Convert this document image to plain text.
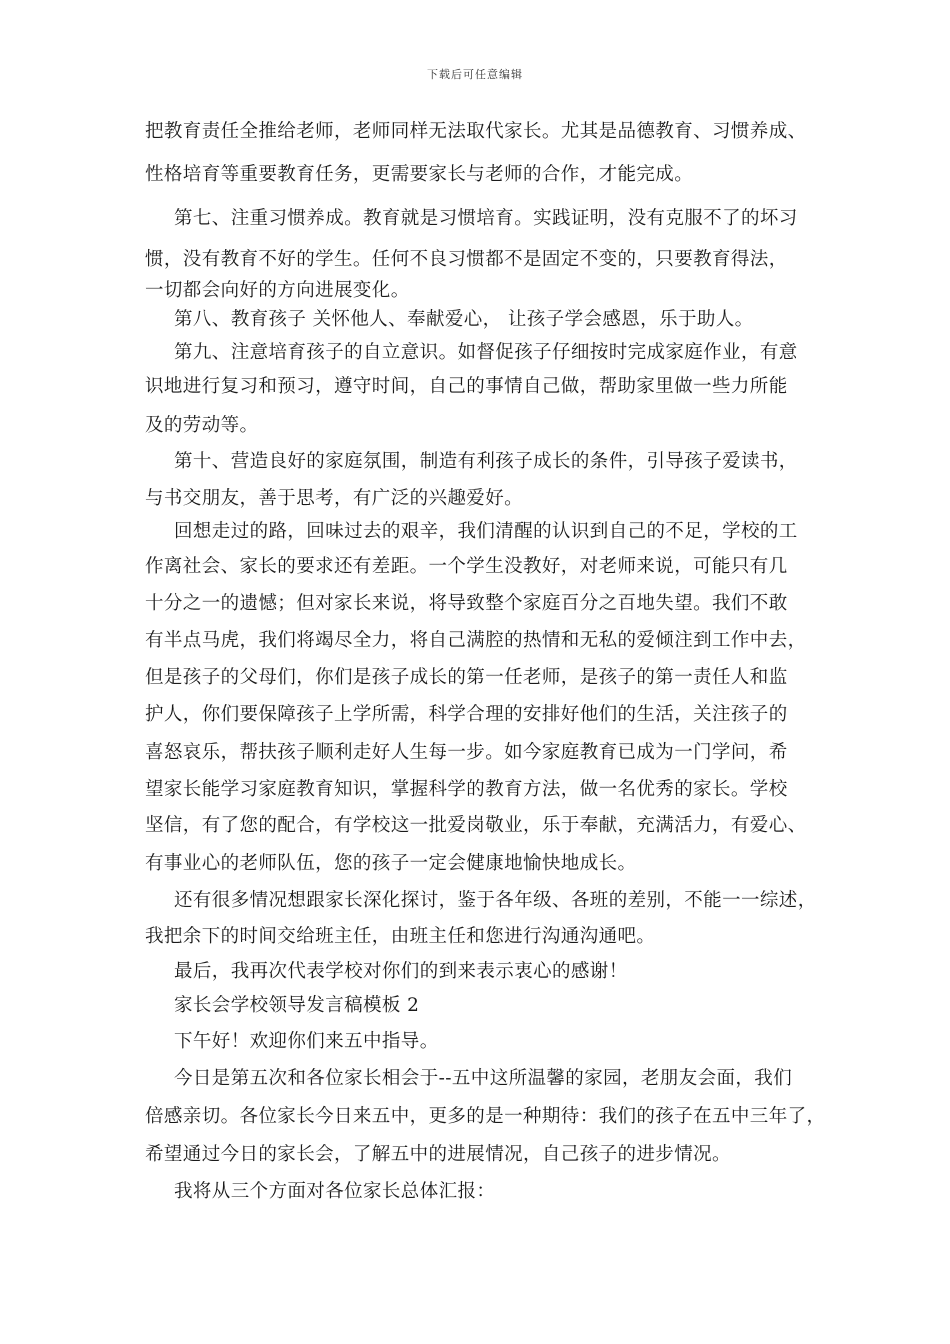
下载后可任意编辑
把教育责任全推给老师，老师同样无法取代家长。尤其是品德教育、习惯养成、
性格培育等重要教育任务，更需要家长与老师的合作，才能完成。
第七、注重习惯养成。教育就是习惯培育。实践证明，没有克服不了的坏习
惯，没有教育不好的学生。任何不良习惯都不是固定不变的，只要教育得法，
一切都会向好的方向进展变化。
第八、教育孩子 关怀他人、奉献爱心， 让孩子学会感恩，乐于助人。
第九、注意培育孩子的自立意识。如督促孩子仔细按时完成家庭作业，有意
识地进行复习和预习，遵守时间，自己的事情自己做，帮助家里做一些力所能
及的劳动等。
第十、营造良好的家庭氛围，制造有利孩子成长的条件，引导孩子爱读书，
与书交朋友，善于思考，有广泛的兴趣爱好。
回想走过的路，回味过去的艰辛，我们清醒的认识到自己的不足，学校的工
作离社会、家长的要求还有差距。一个学生没教好，对老师来说，可能只有几
十分之一的遗憾；但对家长来说，将导致整个家庭百分之百地失望。我们不敢
有半点马虎，我们将竭尽全力，将自己满腔的热情和无私的爱倾注到工作中去，
但是孩子的父母们，你们是孩子成长的第一任老师，是孩子的第一责任人和监
护人，你们要保障孩子上学所需，科学合理的安排好他们的生活，关注孩子的
喜怒哀乐，帮扶孩子顺利走好人生每一步。如今家庭教育已成为一门学问，希
望家长能学习家庭教育知识，掌握科学的教育方法，做一名优秀的家长。学校
坚信，有了您的配合，有学校这一批爱岗敬业，乐于奉献，充满活力，有爱心、
有事业心的老师队伍，您的孩子一定会健康地愉快地成长。
还有很多情况想跟家长深化探讨，鉴于各年级、各班的差别，不能一一综述，
我把余下的时间交给班主任，由班主任和您进行沟通沟通吧。
最后，我再次代表学校对你们的到来表示衷心的感谢！
家长会学校领导发言稿模板 2
下午好！欢迎你们来五中指导。
今日是第五次和各位家长相会于--五中这所温馨的家园，老朋友会面，我们
倍感亲切。各位家长今日来五中，更多的是一种期待：我们的孩子在五中三年了，
希望通过今日的家长会，了解五中的进展情况，自己孩子的进步情况。
我将从三个方面对各位家长总体汇报：
